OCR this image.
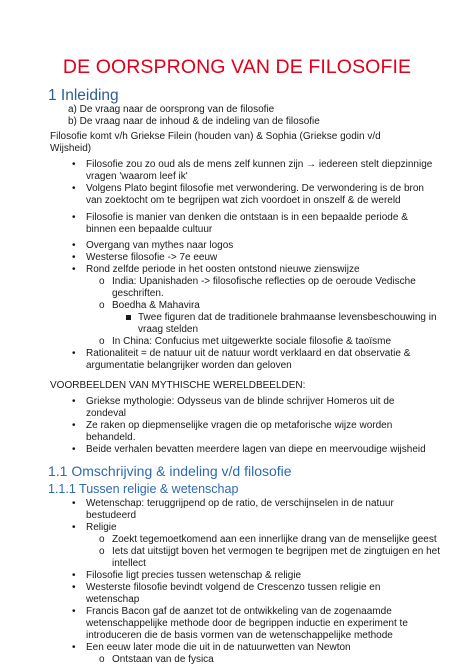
DE OORSPRONG VAN DE FILOSOFIE
1 Inleiding
a) De vraag naar de oorsprong van de filosofie
b) De vraag naar de inhoud & de indeling van de filosofie
Filosofie komt v/h Griekse Filein (houden van) & Sophia (Griekse godin v/d
Wijsheid)
• Filosofie zou zo oud als de mens zelf kunnen zijn → iedereen stelt diepzinnige
vragen 'waarom leef ik'
• Volgens Plato begint filosofie met verwondering. De verwondering is de bron
van zoektocht om te begrijpen wat zich voordoet in onszelf & de wereld
• Filosofie is manier van denken die ontstaan is in een bepaalde periode &
binnen een bepaalde cultuur
• Overgang van mythes naar logos
• Westerse filosofie -> 7e eeuw
• Rond zelfde periode in het oosten ontstond nieuwe zienswijze
o India: Upanishaden -> filosofische reflecties op de oeroude Vedische
geschriften.
o Boedha & Mahavira
Twee figuren dat de traditionele brahmaanse levensbeschouwing in
vraag stelden
o In China: Confucius met uitgewerkte sociale filosofie & taoïsme
• Rationaliteit = de natuur uit de natuur wordt verklaard en dat observatie &
argumentatie belangrijker worden dan geloven
VOORBEELDEN VAN MYTHISCHE WERELDBEELDEN:
• Griekse mythologie: Odysseus van de blinde schrijver Homeros uit de
zondeval
• Ze raken op diepmenselijke vragen die op metaforische wijze worden
behandeld.
• Beide verhalen bevatten meerdere lagen van diepe en meervoudige wijsheid
1.1 Omschrijving & indeling v/d filosofie
1.1.1 Tussen religie & wetenschap
• Wetenschap: teruggrijpend op de ratio, de verschijnselen in de natuur
bestudeerd
• Religie
o Zoekt tegemoetkomend aan een innerlijke drang van de menselijke geest
o Iets dat uitstijgt boven het vermogen te begrijpen met de zingtuigen en het
intellect
• Filosofie ligt precies tussen wetenschap & religie
• Westerste filosofie bevindt volgend de Crescenzo tussen religie en
wetenschap
• Francis Bacon gaf de aanzet tot de ontwikkeling van de zogenaamde
wetenschappelijke methode door de begrippen inductie en experiment te
introduceren die de basis vormen van de wetenschappelijke methode
• Een eeuw later mode die uit in de natuurwetten van Newton
o Ontstaan van de fysica
